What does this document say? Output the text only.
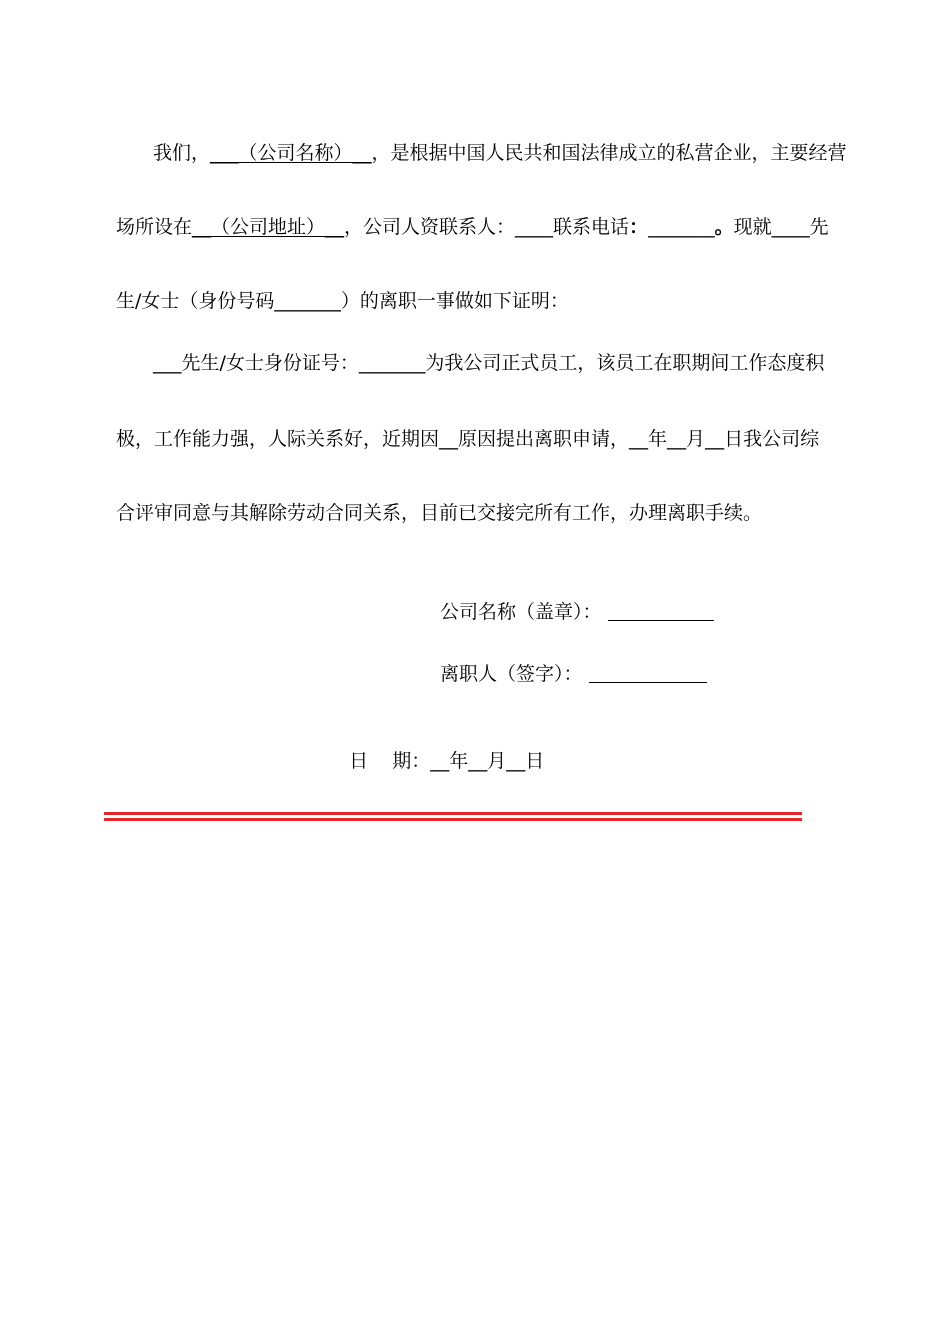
我们，___（公司名称）__，是根据中国人民共和国法律成立的私营企业，主要经营
场所设在__（公司地址）__，公司人资联系人：____联系电话：_______。现就____先
生/女士（身份号码_______）的离职一事做如下证明：
___先生/女士身份证号：_______为我公司正式员工，该员工在职期间工作态度积
极，工作能力强，人际关系好，近期因__原因提出离职申请，__年__月__日我公司综
合评审同意与其解除劳动合同关系，目前已交接完所有工作，办理离职手续。
公司名称（盖章）：
离职人（签字）：

日    期：__年__月__日
